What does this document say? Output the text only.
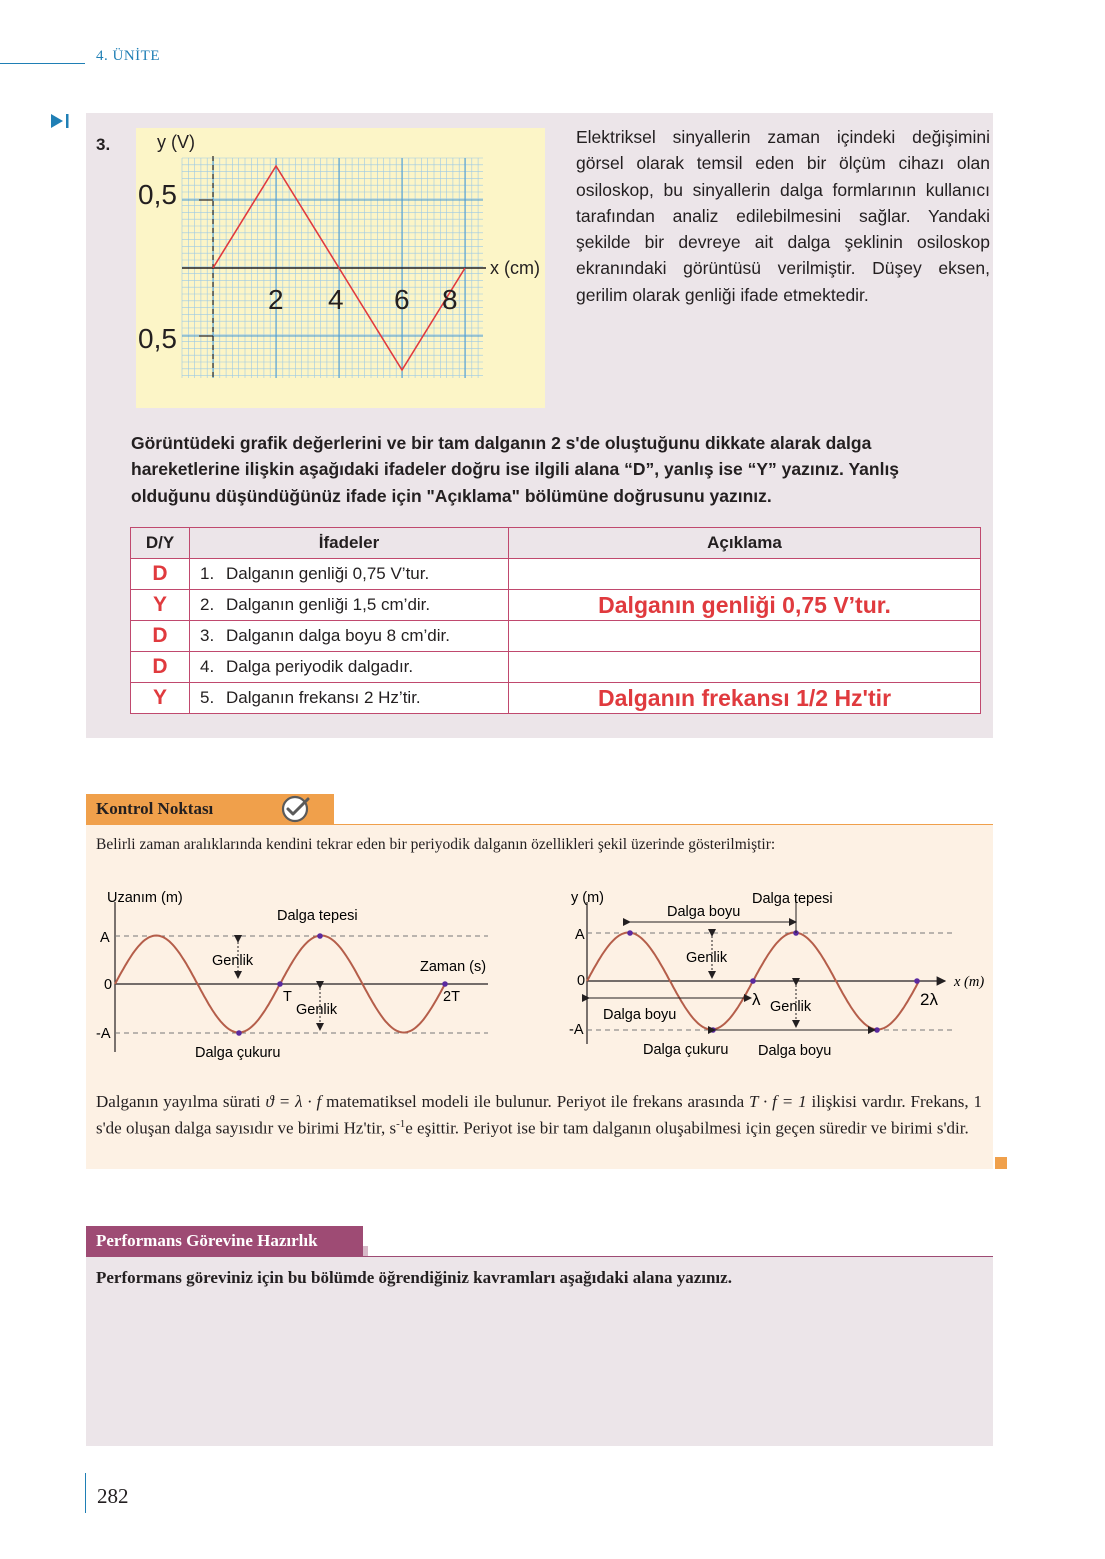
4. ÜNİTE
3.	y (V)
x (cm)
0,5
0,5
2 4 6 8
Elektriksel sinyallerin zaman içindeki değişimini görsel olarak temsil eden bir ölçüm cihazı olan osiloskop, bu sinyallerin dalga formlarının kullanıcı tarafından analiz edilebilmesini sağlar. Yandaki şekilde bir devreye ait dalga şeklinin osiloskop ekranındaki görüntüsü verilmiştir. Düşey eksen, gerilim olarak genliği ifade etmektedir.
Görüntüdeki grafik değerlerini ve bir tam dalganın 2 s'de oluştuğunu dikkate alarak dalga hareketlerine ilişkin aşağıdaki ifadeler doğru ise ilgili alana “D”, yanlış ise “Y” yazınız. Yanlış olduğunu düşündüğünüz ifade için "Açıklama" bölümüne doğrusunu yazınız.
D/Y	İfadeler	Açıklama
D	1. Dalganın genliği 0,75 V’tur.	
Y	2. Dalganın genliği 1,5 cm’dir.	Dalganın genliği 0,75 V’tur.
D	3. Dalganın dalga boyu 8 cm’dir.	
D	4. Dalga periyodik dalgadır.	
Y	5. Dalganın frekansı 2 Hz’tir.	Dalganın frekansı 1/2 Hz'tir
Kontrol Noktası
Belirli zaman aralıklarında kendini tekrar eden bir periyodik dalganın özellikleri şekil üzerinde gösterilmiştir:
Uzanım (m)
A
0
-A
Dalga tepesi
Dalga çukuru
Genlik
Genlik
T	2T
Zaman (s)
y (m)
A
0
-A
Dalga tepesi
Dalga boyu
Genlik
Genlik
Dalga boyu
Dalga çukuru Dalga boyu
λ	2λ
x (m)
Dalganın yayılma sürati ϑ = λ · f matematiksel modeli ile bulunur. Periyot ile frekans arasında T · f = 1 ilişkisi vardır. Frekans, 1 s'de oluşan dalga sayısıdır ve birimi Hz'tir, $s^{-1}e$ eşittir. Periyot ise bir tam dalganın oluşabilmesi için geçen süredir ve birimi s'dir.
Performans Görevine Hazırlık
Performans göreviniz için bu bölümde öğrendiğiniz kavramları aşağıdaki alana yazınız.
282
